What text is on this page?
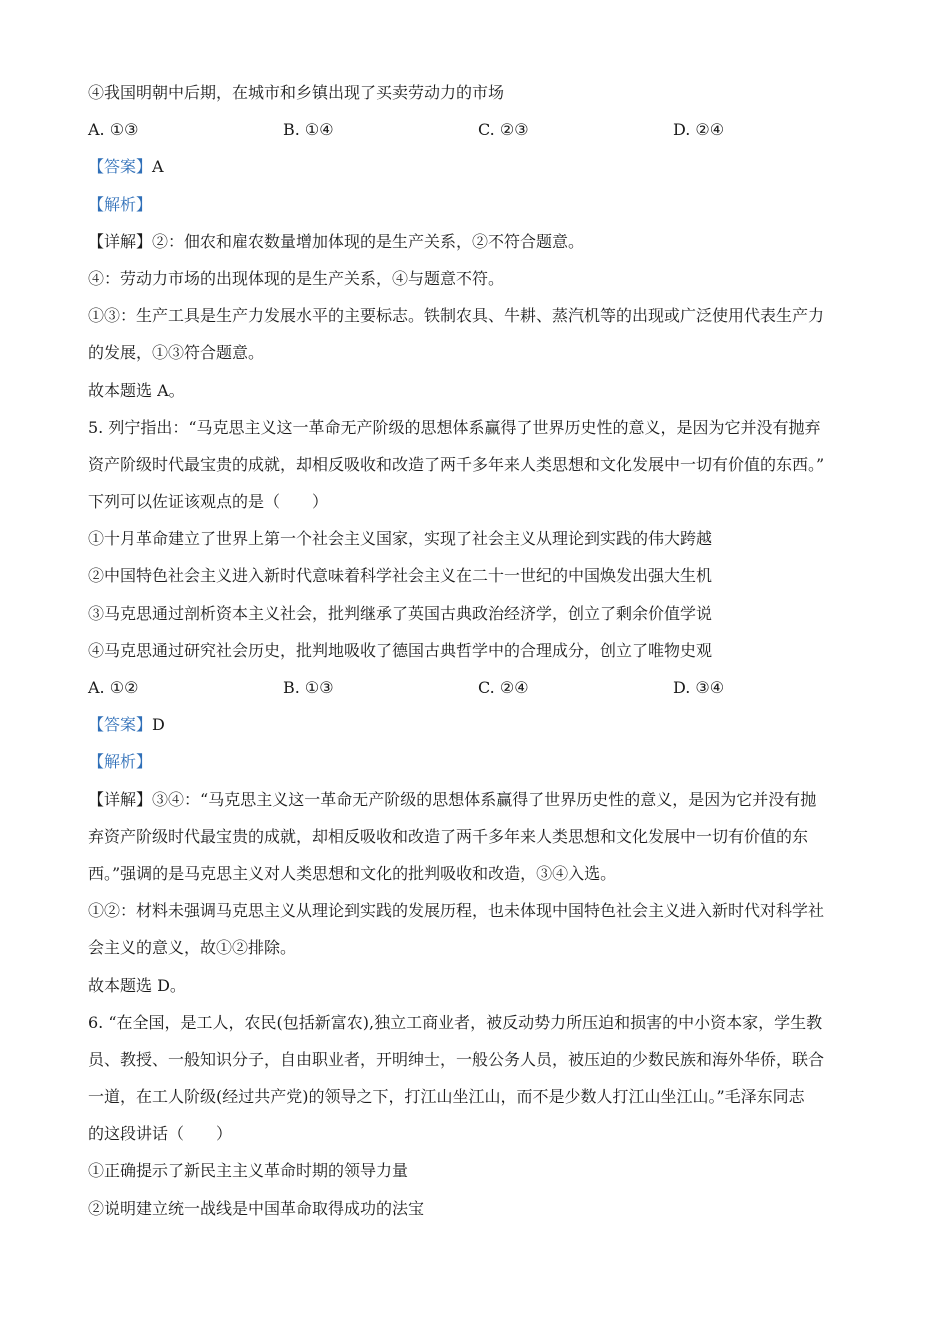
④我国明朝中后期，在城市和乡镇出现了买卖劳动力的市场
A. ①③	B. ①④	C. ②③	D. ②④
【答案】A
【解析】
【详解】②：佃农和雇农数量增加体现的是生产关系，②不符合题意。
④：劳动力市场的出现体现的是生产关系，④与题意不符。
①③：生产工具是生产力发展水平的主要标志。铁制农具、牛耕、蒸汽机等的出现或广泛使用代表生产力
的发展，①③符合题意。
故本题选 A。
5. 列宁指出：“马克思主义这一革命无产阶级的思想体系赢得了世界历史性的意义，是因为它并没有抛弃
资产阶级时代最宝贵的成就，却相反吸收和改造了两千多年来人类思想和文化发展中一切有价值的东西。”
下列可以佐证该观点的是（　　）
①十月革命建立了世界上第一个社会主义国家，实现了社会主义从理论到实践的伟大跨越
②中国特色社会主义进入新时代意味着科学社会主义在二十一世纪的中国焕发出强大生机
③马克思通过剖析资本主义社会，批判继承了英国古典政治经济学，创立了剩余价值学说
④马克思通过研究社会历史，批判地吸收了德国古典哲学中的合理成分，创立了唯物史观
A. ①②	B. ①③	C. ②④	D. ③④
【答案】D
【解析】
【详解】③④：“马克思主义这一革命无产阶级的思想体系赢得了世界历史性的意义，是因为它并没有抛
弃资产阶级时代最宝贵的成就，却相反吸收和改造了两千多年来人类思想和文化发展中一切有价值的东
西。”强调的是马克思主义对人类思想和文化的批判吸收和改造，③④入选。
①②：材料未强调马克思主义从理论到实践的发展历程，也未体现中国特色社会主义进入新时代对科学社
会主义的意义，故①②排除。
故本题选 D。
6. “在全国，是工人，农民(包括新富农),独立工商业者，被反动势力所压迫和损害的中小资本家，学生教
员、教授、一般知识分子，自由职业者，开明绅士，一般公务人员，被压迫的少数民族和海外华侨，联合
一道，在工人阶级(经过共产党)的领导之下，打江山坐江山，而不是少数人打江山坐江山。”毛泽东同志
的这段讲话（　　）
①正确提示了新民主主义革命时期的领导力量
②说明建立统一战线是中国革命取得成功的法宝
